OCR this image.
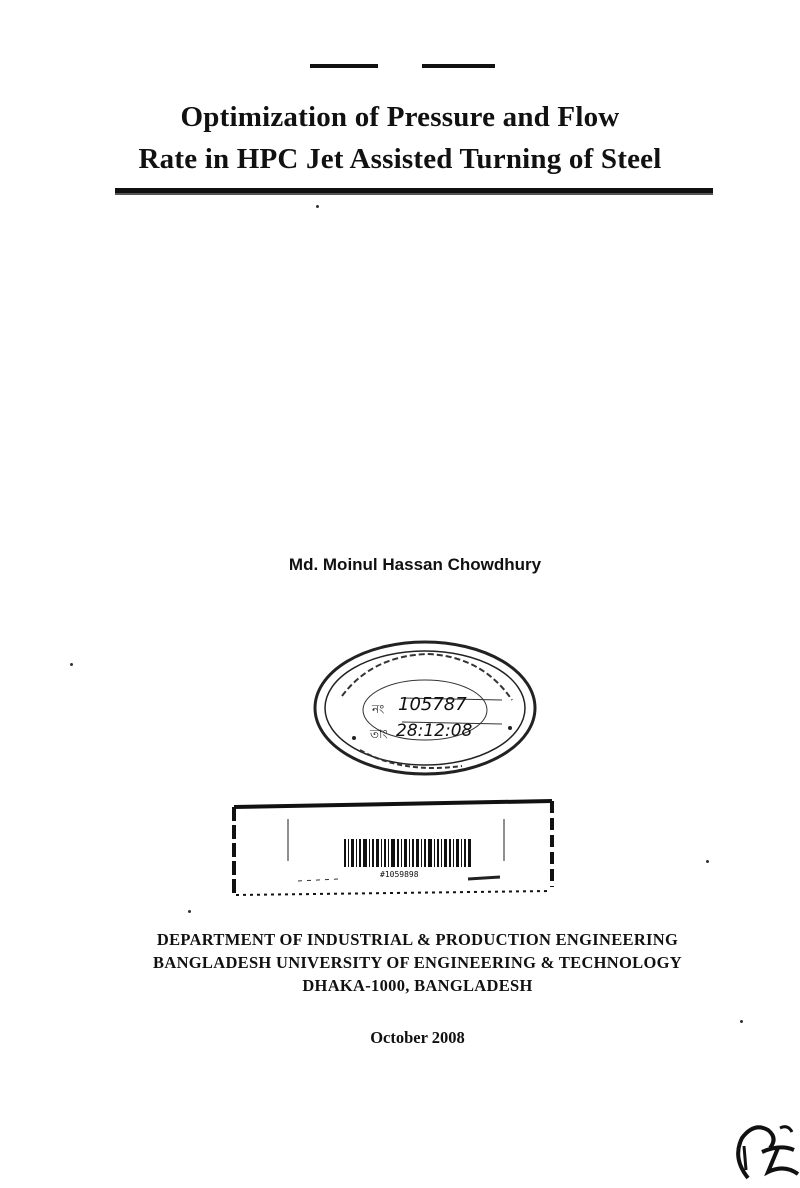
Optimization of Pressure and Flow
Rate in HPC Jet Assisted Turning of Steel
Md. Moinul Hassan Chowdhury
নং 105787
তাং 28:12:08
#1059898
DEPARTMENT OF INDUSTRIAL & PRODUCTION ENGINEERING
BANGLADESH UNIVERSITY OF ENGINEERING & TECHNOLOGY
DHAKA-1000, BANGLADESH
October 2008
